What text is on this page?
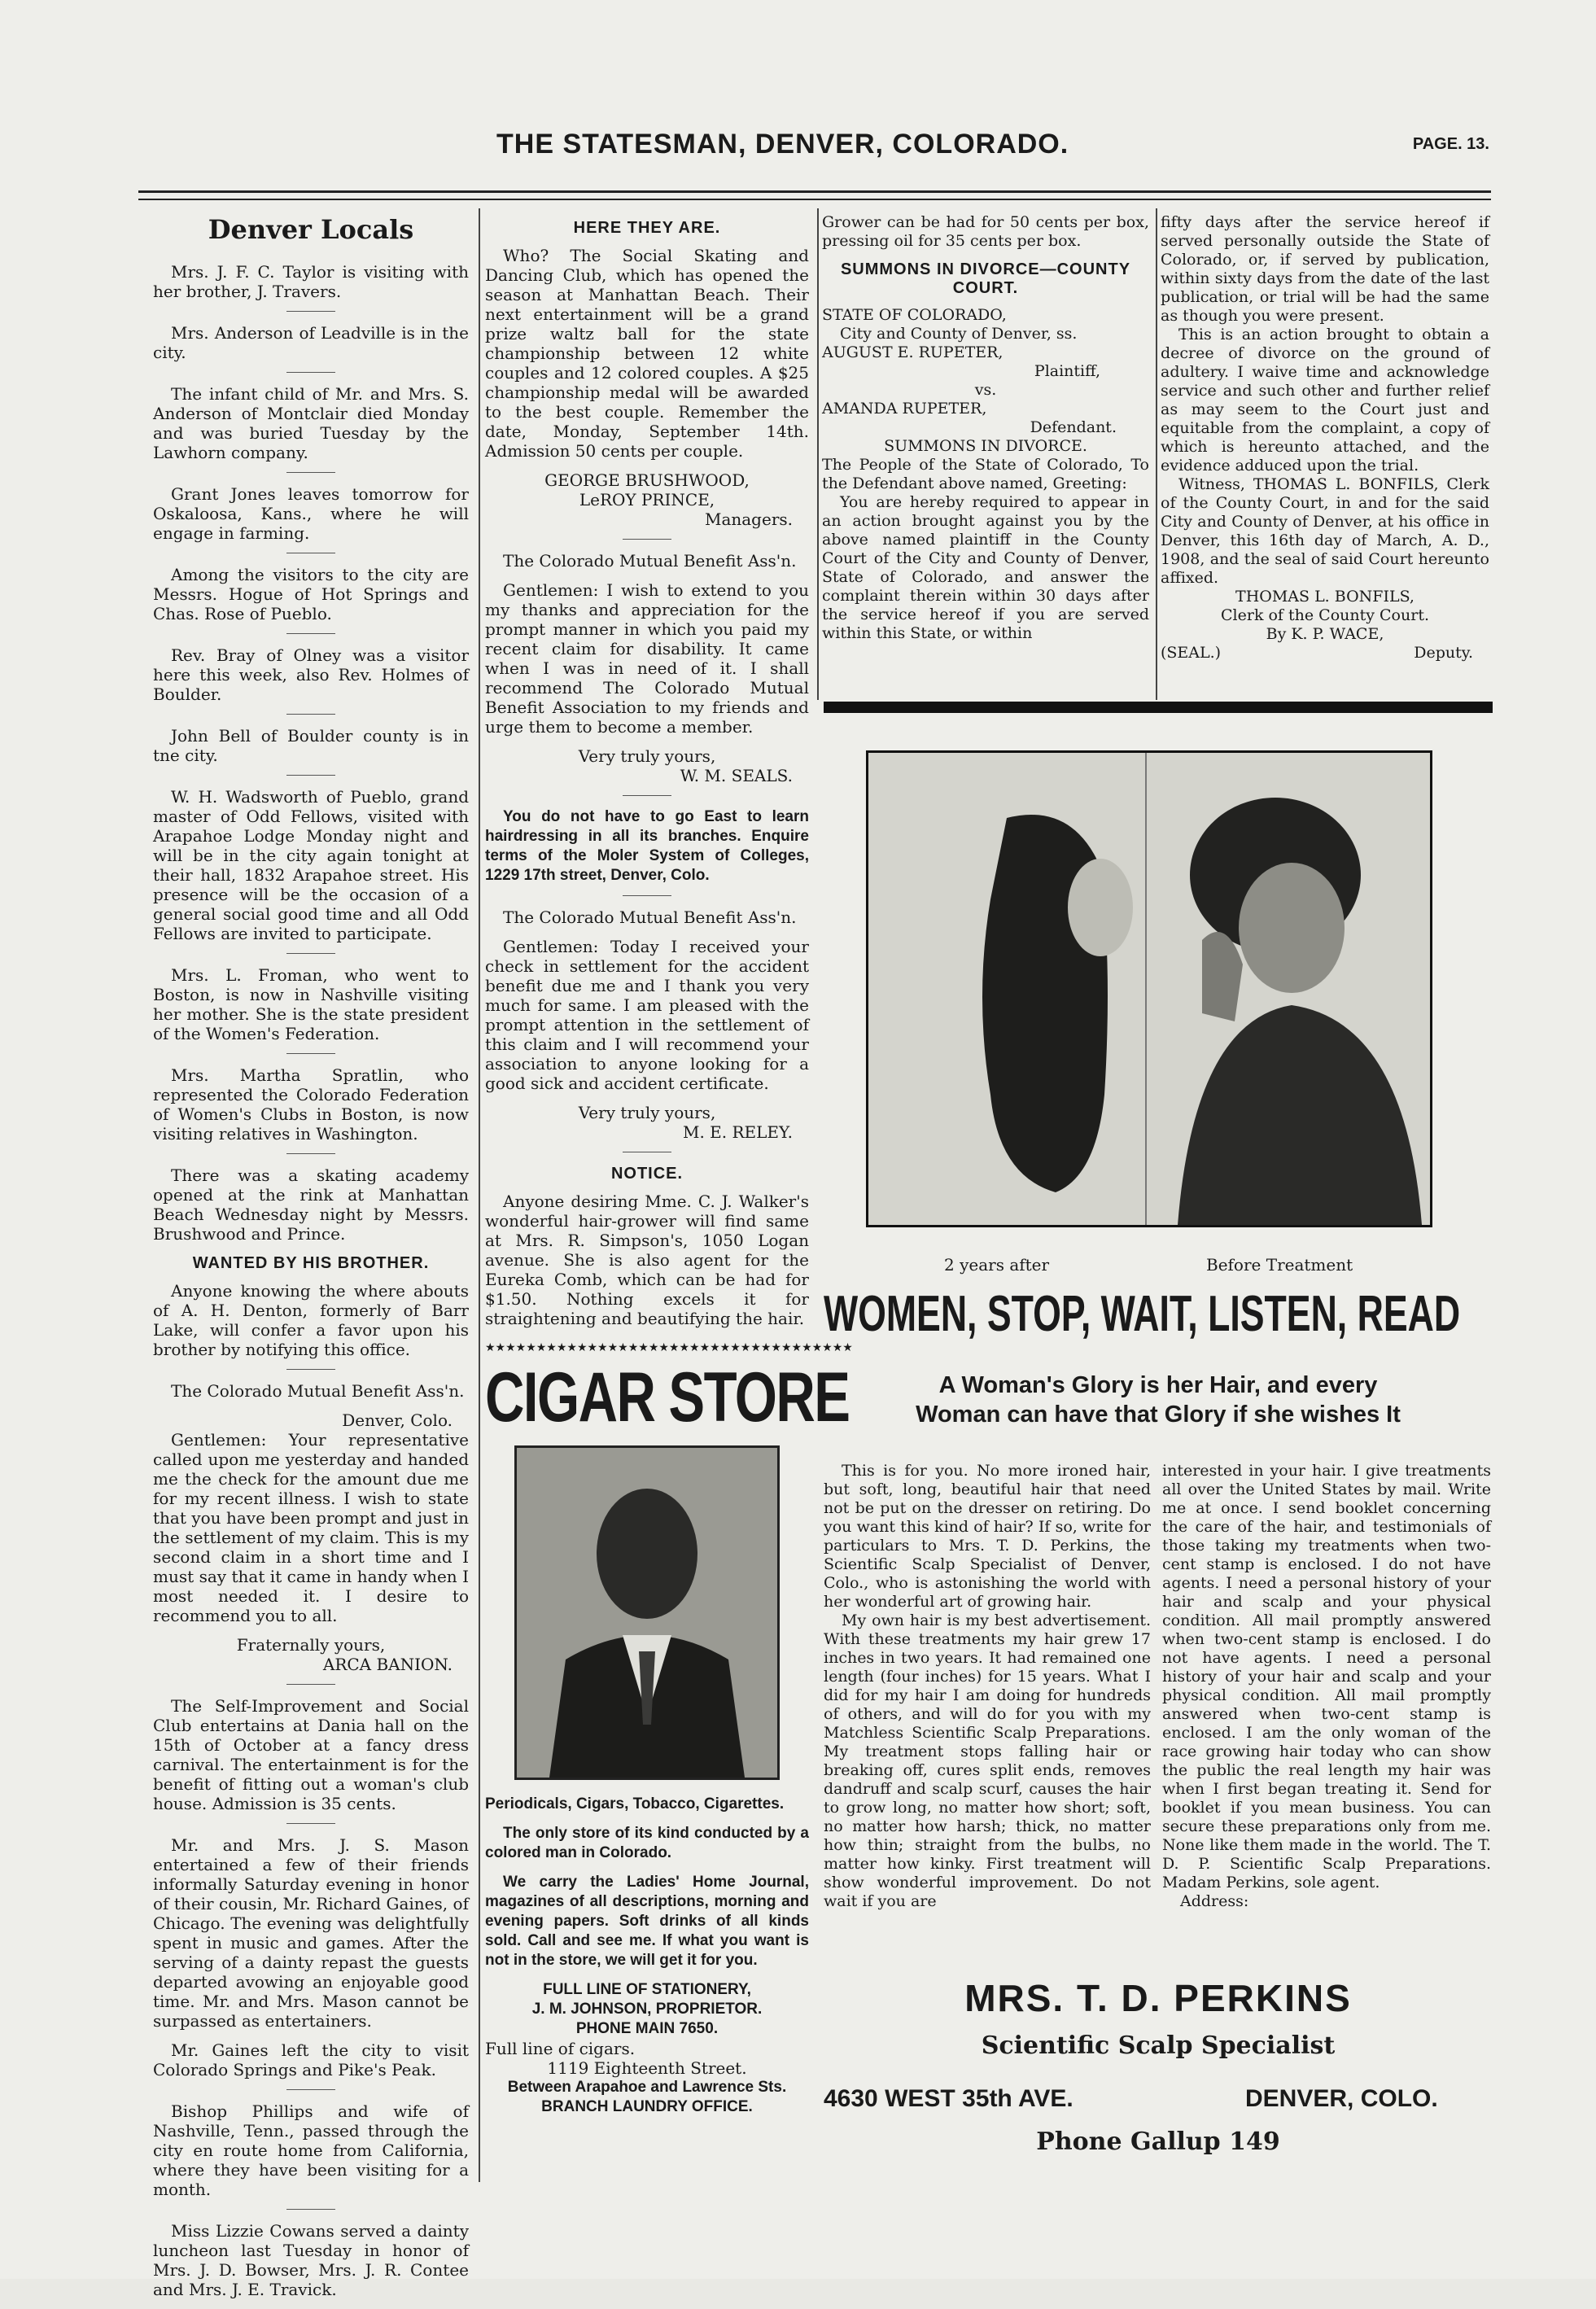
THE STATESMAN, DENVER, COLORADO.	PAGE. 13.
Denver Locals

Mrs. J. F. C. Taylor is visiting with her brother, J. Travers.

Mrs. Anderson of Leadville is in the city.

The infant child of Mr. and Mrs. S. Anderson of Montclair died Monday and was buried Tuesday by the Lawhorn company.

Grant Jones leaves tomorrow for Oskaloosa, Kans., where he will engage in farming.

Among the visitors to the city are Messrs. Hogue of Hot Springs and Chas. Rose of Pueblo.

Rev. Bray of Olney was a visitor here this week, also Rev. Holmes of Boulder.

John Bell of Boulder county is in tne city.

W. H. Wadsworth of Pueblo, grand master of Odd Fellows, visited with Arapahoe Lodge Monday night and will be in the city again tonight at their hall, 1832 Arapahoe street. His presence will be the occasion of a general social good time and all Odd Fellows are invited to participate.

Mrs. L. Froman, who went to Boston, is now in Nashville visiting her mother. She is the state president of the Women's Federation.

Mrs. Martha Spratlin, who represented the Colorado Federation of Women's Clubs in Boston, is now visiting relatives in Washington.

There was a skating academy opened at the rink at Manhattan Beach Wednesday night by Messrs. Brushwood and Prince.

WANTED BY HIS BROTHER.

Anyone knowing the where abouts of A. H. Denton, formerly of Barr Lake, will confer a favor upon his brother by notifying this office.

The Colorado Mutual Benefit Ass'n.

Denver, Colo.

Gentlemen: Your representative called upon me yesterday and handed me the check for the amount due me for my recent illness. I wish to state that you have been prompt and just in the settlement of my claim. This is my second claim in a short time and I must say that it came in handy when I most needed it. I desire to recommend you to all.

Fraternally yours,
ARCA BANION.

The Self-Improvement and Social Club entertains at Dania hall on the 15th of October at a fancy dress carnival. The entertainment is for the benefit of fitting out a woman's club house. Admission is 35 cents.

Mr. and Mrs. J. S. Mason entertained a few of their friends informally Saturday evening in honor of their cousin, Mr. Richard Gaines, of Chicago. The evening was delightfully spent in music and games. After the serving of a dainty repast the guests departed avowing an enjoyable good time. Mr. and Mrs. Mason cannot be surpassed as entertainers.

Mr. Gaines left the city to visit Colorado Springs and Pike's Peak.

Bishop Phillips and wife of Nashville, Tenn., passed through the city en route home from California, where they have been visiting for a month.

Miss Lizzie Cowans served a dainty luncheon last Tuesday in honor of Mrs. J. D. Bowser, Mrs. J. R. Contee and Mrs. J. E. Travick.

HERE THEY ARE.

Who? The Social Skating and Dancing Club, which has opened the season at Manhattan Beach. Their next entertainment will be a grand prize waltz ball for the state championship between 12 white couples and 12 colored couples. A $25 championship medal will be awarded to the best couple. Remember the date, Monday, September 14th. Admission 50 cents per couple.

GEORGE BRUSHWOOD,
LeROY PRINCE,
Managers.

The Colorado Mutual Benefit Ass'n.

Gentlemen: I wish to extend to you my thanks and appreciation for the prompt manner in which you paid my recent claim for disability. It came when I was in need of it. I shall recommend The Colorado Mutual Benefit Association to my friends and urge them to become a member.

Very truly yours,
W. M. SEALS.

You do not have to go East to learn hairdressing in all its branches. Enquire terms of the Moler System of Colleges, 1229 17th street, Denver, Colo.

The Colorado Mutual Benefit Ass'n.

Gentlemen: Today I received your check in settlement for the accident benefit due me and I thank you very much for same. I am pleased with the prompt attention in the settlement of this claim and I will recommend your association to anyone looking for a good sick and accident certificate.

Very truly yours,
M. E. RELEY.
NOTICE.

Anyone desiring Mme. C. J. Walker's wonderful hair-grower will find same at Mrs. R. Simpson's, 1050 Logan avenue. She is also agent for the Eureka Comb, which can be had for $1.50. Nothing excels it for straightening and beautifying the hair.

★★★★★★★★★★★★★★★★★★★★★★★★★★★★★★★★★★★★
CIGAR STORE

Periodicals, Cigars, Tobacco, Cigarettes.

The only store of its kind conducted by a colored man in Colorado.

We carry the Ladies' Home Journal, magazines of all descriptions, morning and evening papers. Soft drinks of all kinds sold. Call and see me. If what you want is not in the store, we will get it for you.

FULL LINE OF STATIONERY,
J. M. JOHNSON, PROPRIETOR.
PHONE MAIN 7650.
Full line of cigars.
1119 Eighteenth Street.
Between Arapahoe and Lawrence Sts.
BRANCH LAUNDRY OFFICE.

Grower can be had for 50 cents per box, pressing oil for 35 cents per box.

SUMMONS IN DIVORCE—COUNTY COURT.
STATE OF COLORADO,
City and County of Denver, ss.
AUGUST E. RUPETER,
Plaintiff,
vs.
AMANDA RUPETER,
Defendant.
SUMMONS IN DIVORCE.
The People of the State of Colorado, To the Defendant above named, Greeting:

You are hereby required to appear in an action brought against you by the above named plaintiff in the County Court of the City and County of Denver, State of Colorado, and answer the complaint therein within 30 days after the service hereof if you are served within this State, or within

fifty days after the service hereof if served personally outside the State of Colorado, or, if served by publication, within sixty days from the date of the last publication, or trial will be had the same as though you were present.

This is an action brought to obtain a decree of divorce on the ground of adultery. I waive time and acknowledge service and such other and further relief as may seem to the Court just and equitable from the complaint, a copy of which is hereunto attached, and the evidence adduced upon the trial.

Witness, THOMAS L. BONFILS, Clerk of the County Court, in and for the said City and County of Denver, at his office in Denver, this 16th day of March, A. D., 1908, and the seal of said Court hereunto affixed.

THOMAS L. BONFILS,
Clerk of the County Court.
By K. P. WACE,
(SEAL.)	Deputy.
2 years after	Before Treatment
WOMEN, STOP, WAIT, LISTEN, READ
A Woman's Glory is her Hair, and every
Woman can have that Glory if she wishes It

This is for you. No more ironed hair, but soft, long, beautiful hair that need not be put on the dresser on retiring. Do you want this kind of hair? If so, write for particulars to Mrs. T. D. Perkins, the Scientific Scalp Specialist of Denver, Colo., who is astonishing the world with her wonderful art of growing hair.

My own hair is my best advertisement. With these treatments my hair grew 17 inches in two years. It had remained one length (four inches) for 15 years. What I did for my hair I am doing for hundreds of others, and will do for you with my Matchless Scientific Scalp Preparations. My treatment stops falling hair or breaking off, cures split ends, removes dandruff and scalp scurf, causes the hair to grow long, no matter how short; soft, no matter how harsh; thick, no matter how thin; straight from the bulbs, no matter how kinky. First treatment will show wonderful improvement. Do not wait if you are

interested in your hair. I give treatments all over the United States by mail. Write me at once. I send booklet concerning the care of the hair, and testimonials of those taking my treatments when two-cent stamp is enclosed. I do not have agents. I need a personal history of your hair and scalp and your physical condition. All mail promptly answered when two-cent stamp is enclosed. I do not have agents. I need a personal history of your hair and scalp and your physical condition. All mail promptly answered when two-cent stamp is enclosed. I am the only woman of the race growing hair today who can show the public the real length my hair was when I first began treating it. Send for booklet if you mean business. You can secure these preparations only from me. None like them made in the world. The T. D. P. Scientific Scalp Preparations. Madam Perkins, sole agent.

Address:
MRS. T. D. PERKINS
Scientific Scalp Specialist
4630 WEST 35th AVE.	DENVER, COLO.
Phone Gallup 149
